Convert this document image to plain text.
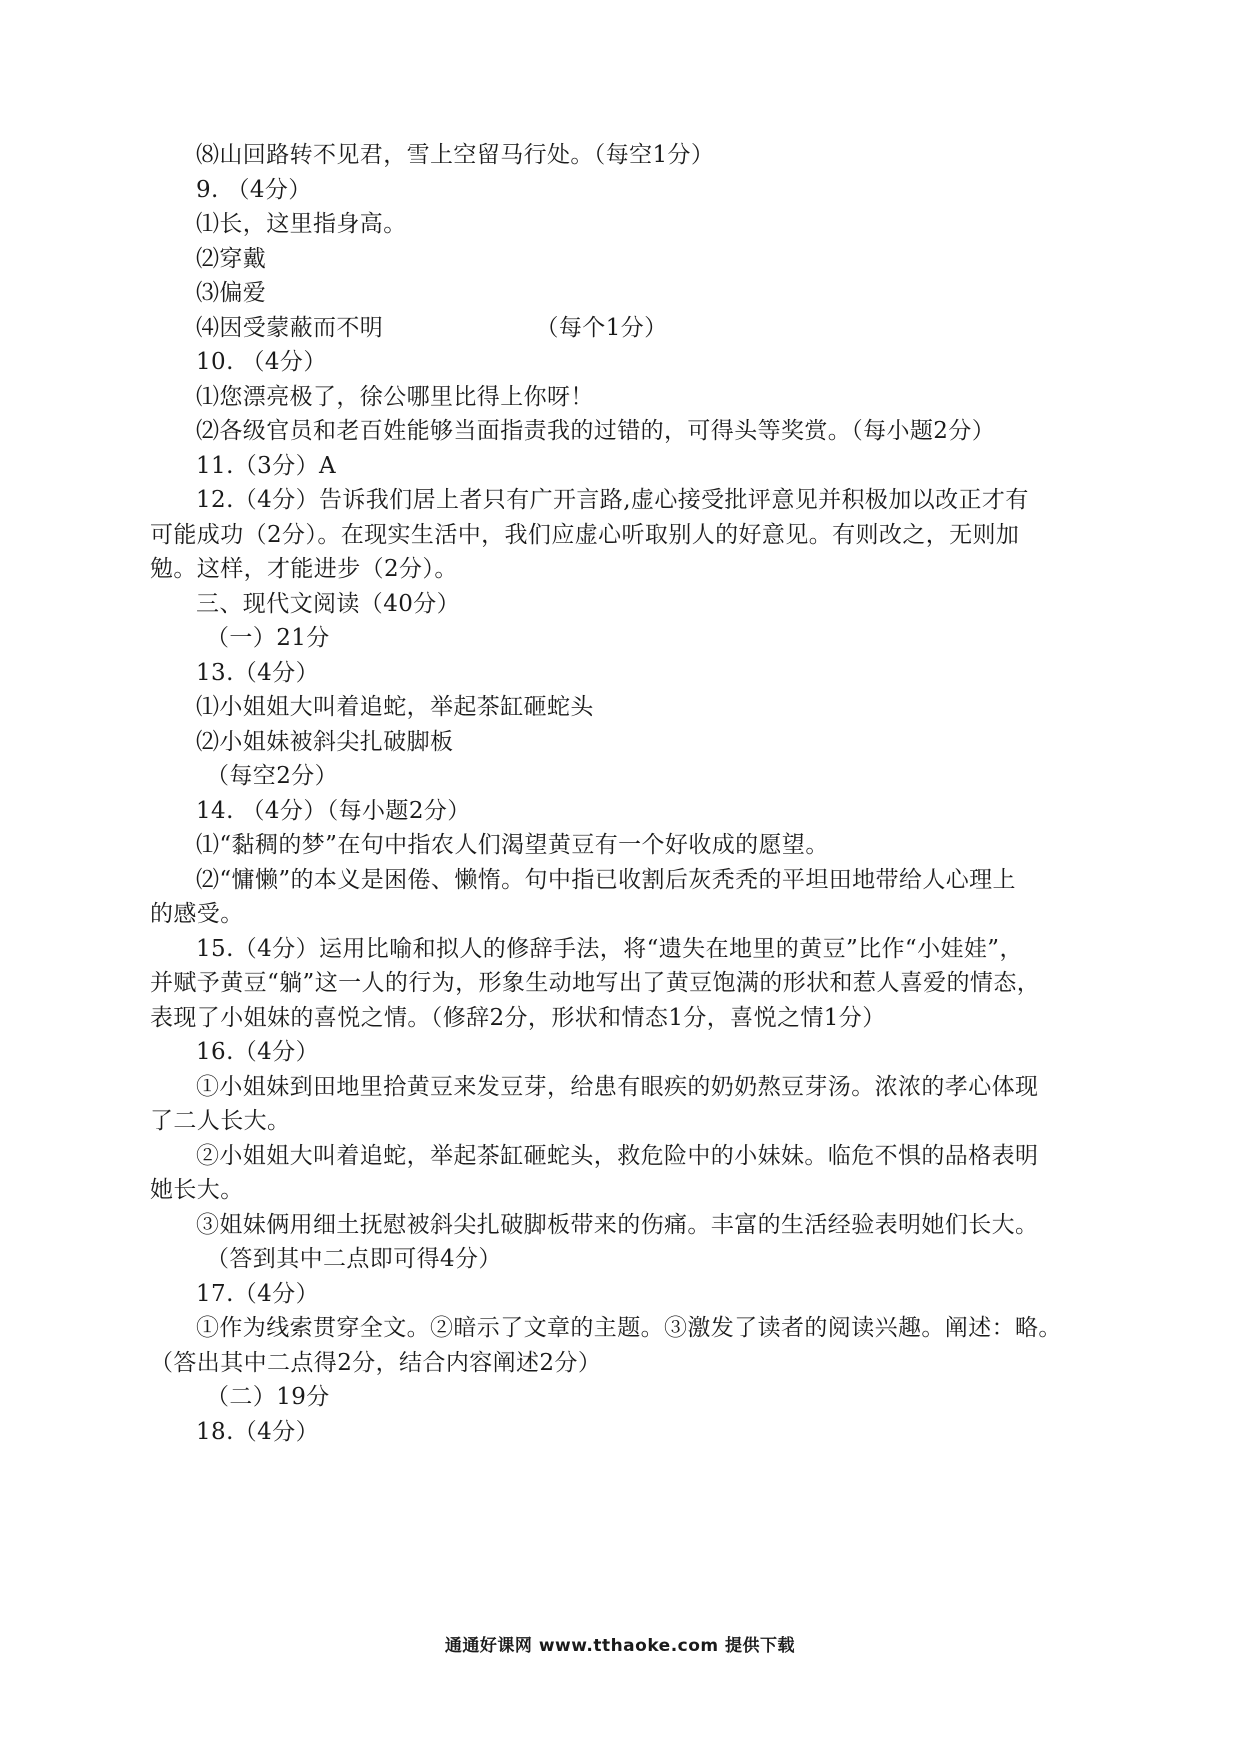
⑻山回路转不见君，雪上空留马行处。（每空1分）
9. （4分）
⑴长，这里指身高。
⑵穿戴
⑶偏爱
⑷因受蒙蔽而不明　　　　　　　（每个1分）
10. （4分）
⑴您漂亮极了，徐公哪里比得上你呀！
⑵各级官员和老百姓能够当面指责我的过错的，可得头等奖赏。（每小题2分）
11.（3分）A
12.（4分）告诉我们居上者只有广开言路,虚心接受批评意见并积极加以改正才有
可能成功（2分）。在现实生活中，我们应虚心听取别人的好意见。有则改之，无则加
勉。这样，才能进步（2分）。
三、现代文阅读（40分）
（一）21分
13.（4分）
⑴小姐姐大叫着追蛇，举起茶缸砸蛇头
⑵小姐妹被斜尖扎破脚板
（每空2分）
14. （4分）（每小题2分）
⑴“黏稠的梦”在句中指农人们渴望黄豆有一个好收成的愿望。
⑵“慵懒”的本义是困倦、懒惰。句中指已收割后灰秃秃的平坦田地带给人心理上
的感受。
15.（4分）运用比喻和拟人的修辞手法，将“遗失在地里的黄豆”比作“小娃娃”，
并赋予黄豆“躺”这一人的行为，形象生动地写出了黄豆饱满的形状和惹人喜爱的情态，
表现了小姐妹的喜悦之情。（修辞2分，形状和情态1分，喜悦之情1分）
16.（4分）
①小姐妹到田地里拾黄豆来发豆芽，给患有眼疾的奶奶熬豆芽汤。浓浓的孝心体现
了二人长大。
②小姐姐大叫着追蛇，举起茶缸砸蛇头，救危险中的小妹妹。临危不惧的品格表明
她长大。
③姐妹俩用细土抚慰被斜尖扎破脚板带来的伤痛。丰富的生活经验表明她们长大。
（答到其中二点即可得4分）
17.（4分）
①作为线索贯穿全文。②暗示了文章的主题。③激发了读者的阅读兴趣。阐述：略。
（答出其中二点得2分，结合内容阐述2分）
（二）19分
18.（4分）
通通好课网 www.tthaoke.com 提供下载
